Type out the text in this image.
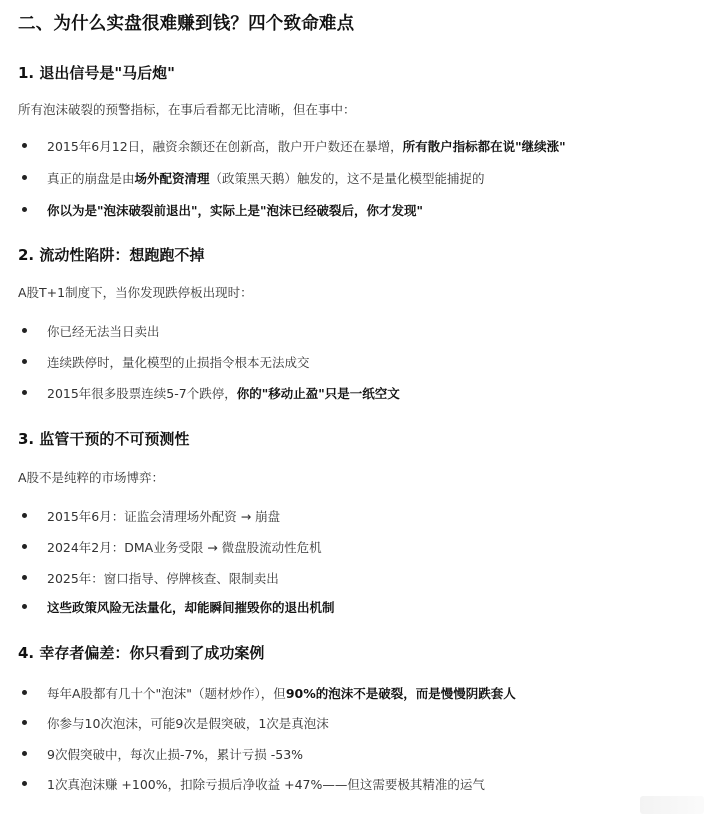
二、为什么实盘很难赚到钱？四个致命难点
1. 退出信号是"马后炮"

所有泡沫破裂的预警指标，在事后看都无比清晰，但在事中：

2015年6月12日，融资余额还在创新高，散户开户数还在暴增，所有散户指标都在说"继续涨"

真正的崩盘是由场外配资清理（政策黑天鹅）触发的，这不是量化模型能捕捉的

你以为是"泡沫破裂前退出"，实际上是"泡沫已经破裂后，你才发现"

2. 流动性陷阱：想跑跑不掉

A股T+1制度下，当你发现跌停板出现时：

你已经无法当日卖出

连续跌停时，量化模型的止损指令根本无法成交

2015年很多股票连续5-7个跌停，你的"移动止盈"只是一纸空文

3. 监管干预的不可预测性

A股不是纯粹的市场博弈：

2015年6月：证监会清理场外配资 → 崩盘

2024年2月：DMA业务受限 → 微盘股流动性危机

2025年：窗口指导、停牌核查、限制卖出

这些政策风险无法量化，却能瞬间摧毁你的退出机制

4. 幸存者偏差：你只看到了成功案例

每年A股都有几十个"泡沫"（题材炒作），但90%的泡沫不是破裂，而是慢慢阴跌套人

你参与10次泡沫，可能9次是假突破，1次是真泡沫

9次假突破中，每次止损-7%，累计亏损 -53%

1次真泡沫赚 +100%，扣除亏损后净收益 +47%——但这需要极其精准的运气
